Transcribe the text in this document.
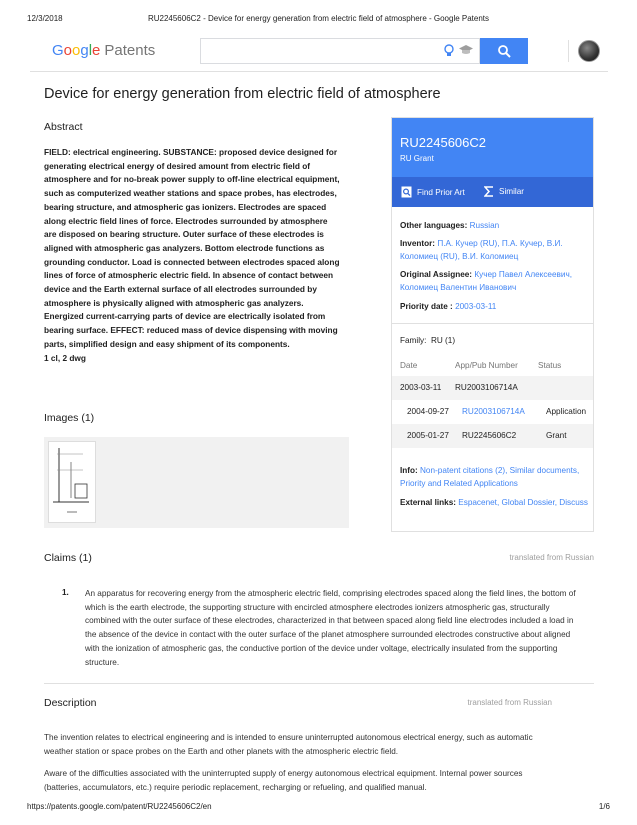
12/3/2018	RU2245606C2 - Device for energy generation from electric field of atmosphere - Google Patents
Google Patents
Device for energy generation from electric field of atmosphere
Abstract
FIELD: electrical engineering. SUBSTANCE: proposed device designed for generating electrical energy of desired amount from electric field of atmosphere and for no-break power supply to off-line electrical equipment, such as computerized weather stations and space probes, has electrodes, bearing structure, and atmospheric gas ionizers. Electrodes are spaced along electric field lines of force. Electrodes surrounded by atmosphere are disposed on bearing structure. Outer surface of these electrodes is aligned with atmospheric gas analyzers. Bottom electrode functions as grounding conductor. Load is connected between electrodes spaced along lines of force of atmospheric electric field. In absence of contact between device and the Earth external surface of all electrodes surrounded by atmosphere is physically aligned with atmospheric gas analyzers. Energized current-carrying parts of device are electrically isolated from bearing surface. EFFECT: reduced mass of device dispensing with moving parts, simplified design and easy shipment of its components.
1 cl, 2 dwg
Images (1)
Claims (1)	translated from Russian
1. An apparatus for recovering energy from the atmospheric electric field, comprising electrodes spaced along the field lines, the bottom of which is the earth electrode, the supporting structure with encircled atmosphere electrodes ionizers atmospheric gas, structurally combined with the outer surface of these electrodes, characterized in that between spaced along field line electrodes included a load in the absence of the device in contact with the outer surface of the planet atmosphere surrounded electrodes constructive about aligned with the ionization of atmospheric gas, the conductive portion of the device under voltage, electrically insulated from the supporting structure.
Description	translated from Russian
The invention relates to electrical engineering and is intended to ensure uninterrupted autonomous electrical energy, such as automatic weather station or space probes on the Earth and other planets with the atmospheric electric field.
Aware of the difficulties associated with the uninterrupted supply of energy autonomous electrical equipment. Internal power sources (batteries, accumulators, etc.) require periodic replacement, recharging or refueling, and qualified manual.
RU2245606C2
RU Grant
Find Prior Art	Similar
Other languages: Russian
Inventor: П.А. Кучер (RU), П.А. Кучер, В.И. Коломиец (RU), В.И. Коломиец
Original Assignee: Кучер Павел Алексеевич, Коломиец Валентин Иванович
Priority date : 2003-03-11
Family: RU (1)
Date	App/Pub Number Status
2003-03-11 RU2003106714A
2004-09-27 RU2003106714A	Application
2005-01-27 RU2245606C2	Grant
Info: Non-patent citations (2), Similar documents, Priority and Related Applications
External links: Espacenet, Global Dossier, Discuss
https://patents.google.com/patent/RU2245606C2/en	1/6
